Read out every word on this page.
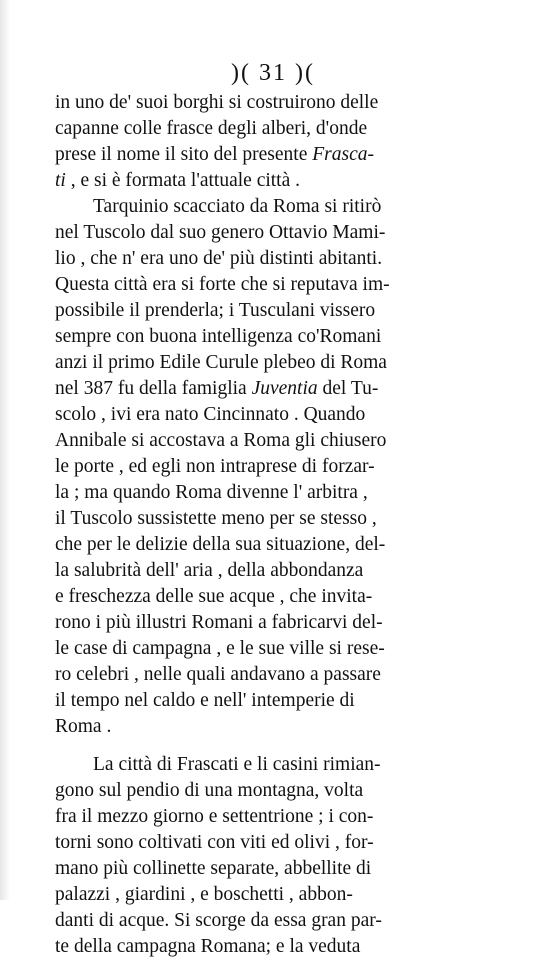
)( 31 )(
in uno de' suoi borghi si costruirono delle
capanne colle frasce degli alberi, d'onde
prese il nome il sito del presente Frasca-
ti , e si è formata l'attuale città .
Tarquinio scacciato da Roma si ritirò
nel Tuscolo dal suo genero Ottavio Mami-
lio , che n' era uno de' più distinti abitanti.
Questa città era si forte che si reputava im-
possibile il prenderla; i Tusculani vissero
sempre con buona intelligenza co'Romani
anzi il primo Edile Curule plebeo di Roma
nel 387 fu della famiglia Juventia del Tu-
scolo , ivi era nato Cincinnato . Quando
Annibale si accostava a Roma gli chiusero
le porte , ed egli non intraprese di forzar-
la ; ma quando Roma divenne l' arbitra ,
il Tuscolo sussistette meno per se stesso ,
che per le delizie della sua situazione, del-
la salubrità dell' aria , della abbondanza
e freschezza delle sue acque , che invita-
rono i più illustri Romani a fabricarvi del-
le case di campagna , e le sue ville si rese-
ro celebri , nelle quali andavano a passare
il tempo nel caldo e nell' intemperie di
Roma .
La città di Frascati e li casini rimian-
gono sul pendio di una montagna, volta
fra il mezzo giorno e settentrione ; i con-
torni sono coltivati con viti ed olivi , for-
mano più collinette separate, abbellite di
palazzi , giardini , e boschetti , abbon-
danti di acque. Si scorge da essa gran par-
te della campagna Romana; e la veduta
